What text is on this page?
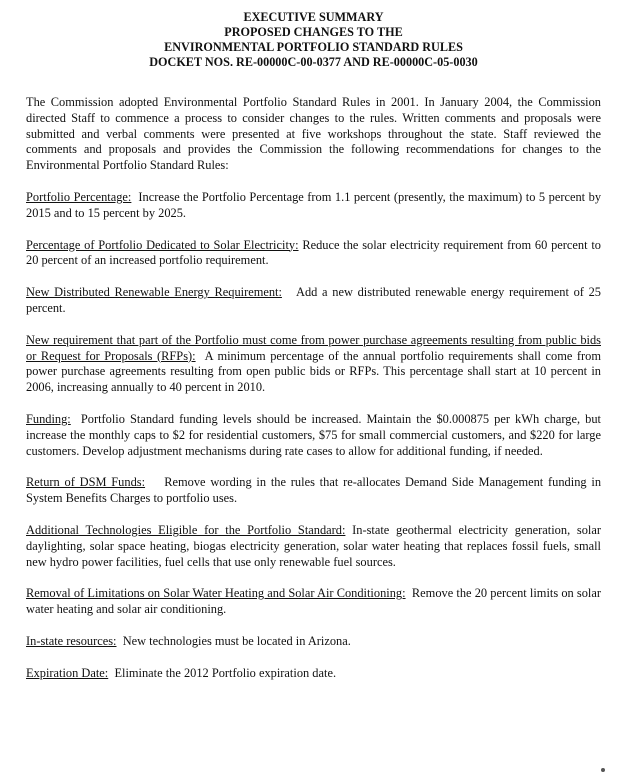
EXECUTIVE SUMMARY
PROPOSED CHANGES TO THE
ENVIRONMENTAL PORTFOLIO STANDARD RULES
DOCKET NOS. RE-00000C-00-0377 AND RE-00000C-05-0030

The Commission adopted Environmental Portfolio Standard Rules in 2001. In January 2004, the Commission directed Staff to commence a process to consider changes to the rules. Written comments and proposals were submitted and verbal comments were presented at five workshops throughout the state. Staff reviewed the comments and proposals and provides the Commission the following recommendations for changes to the Environmental Portfolio Standard Rules:

Portfolio Percentage: Increase the Portfolio Percentage from 1.1 percent (presently, the maximum) to 5 percent by 2015 and to 15 percent by 2025.

Percentage of Portfolio Dedicated to Solar Electricity: Reduce the solar electricity requirement from 60 percent to 20 percent of an increased portfolio requirement.

New Distributed Renewable Energy Requirement: Add a new distributed renewable energy requirement of 25 percent.

New requirement that part of the Portfolio must come from power purchase agreements resulting from public bids or Request for Proposals (RFPs): A minimum percentage of the annual portfolio requirements shall come from power purchase agreements resulting from open public bids or RFPs. This percentage shall start at 10 percent in 2006, increasing annually to 40 percent in 2010.

Funding: Portfolio Standard funding levels should be increased. Maintain the $0.000875 per kWh charge, but increase the monthly caps to $2 for residential customers, $75 for small commercial customers, and $220 for large customers. Develop adjustment mechanisms during rate cases to allow for additional funding, if needed.

Return of DSM Funds: Remove wording in the rules that re-allocates Demand Side Management funding in System Benefits Charges to portfolio uses.

Additional Technologies Eligible for the Portfolio Standard: In-state geothermal electricity generation, solar daylighting, solar space heating, biogas electricity generation, solar water heating that replaces fossil fuels, small new hydro power facilities, fuel cells that use only renewable fuel sources.

Removal of Limitations on Solar Water Heating and Solar Air Conditioning: Remove the 20 percent limits on solar water heating and solar air conditioning.

In-state resources: New technologies must be located in Arizona.

Expiration Date: Eliminate the 2012 Portfolio expiration date.
